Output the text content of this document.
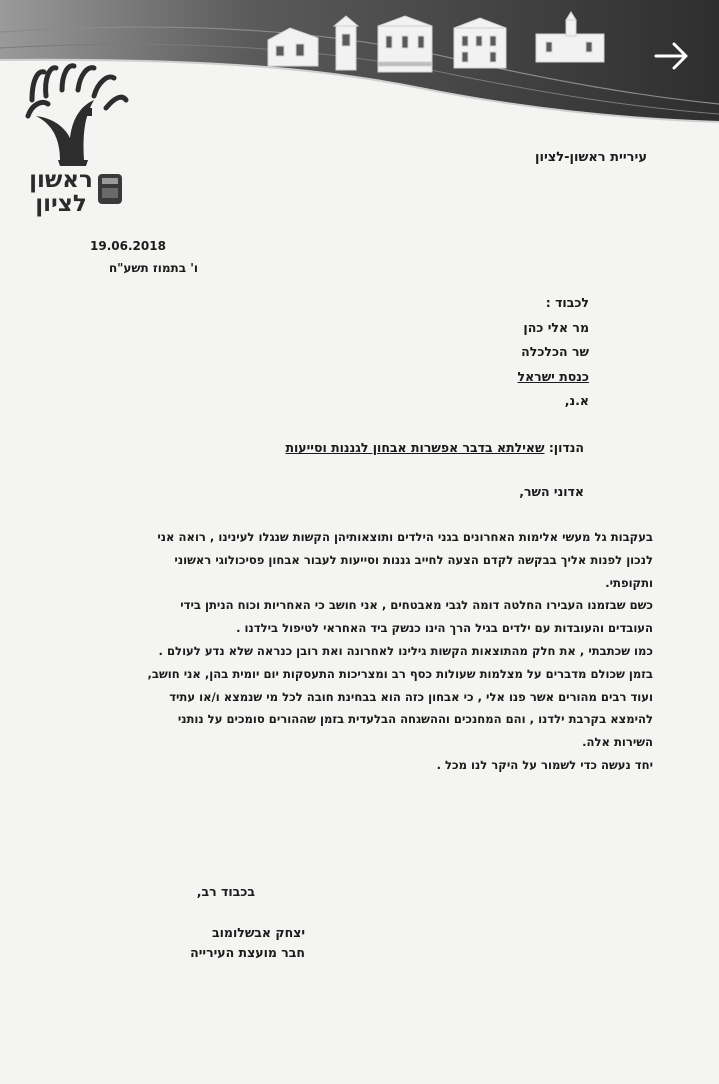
ראשון
לציון
עיריית ראשון-לציון
19.06.2018
ו' בתמוז תשע"ח
לכבוד :
מר אלי כהן
שר הכלכלה
כנסת ישראל
א.נ,
הנדון: שאילתא בדבר אפשרות אבחון לגננות וסייעות
אדוני השר,
בעקבות גל מעשי אלימות האחרונים בגני הילדים ותוצאותיהן הקשות שנגלו לעינינו , רואה אני
לנכון לפנות אליך בבקשה לקדם הצעה לחייב גננות וסייעות לעבור אבחון פסיכולוגי ראשוני
ותקופתי.
כשם שבזמנו העבירו החלטה דומה לגבי מאבטחים , אני חושב כי האחריות וכוח הניתן בידי
העובדים והעובדות עם ילדים בגיל הרך הינו כנשק ביד האחראי לטיפול בילדנו .
כמו שכתבתי , את חלק מהתוצאות הקשות גילינו לאחרונה ואת רובן כנראה שלא נדע לעולם .
בזמן שכולם מדברים על מצלמות שעולות כסף רב ומצריכות התעסקות יום יומית בהן, אני חושב,
ועוד רבים מהורים אשר פנו אלי , כי אבחון כזה הוא בבחינת חובה לכל מי שנמצא ו/או עתיד
להימצא בקרבת ילדנו , והם המחנכים וההשגחה הבלעדית בזמן שההורים סומכים על נותני
השירות אלה.
יחד נעשה כדי לשמור על היקר לנו מכל .
בכבוד רב,
יצחק אבשלומוב
חבר מועצת העירייה
